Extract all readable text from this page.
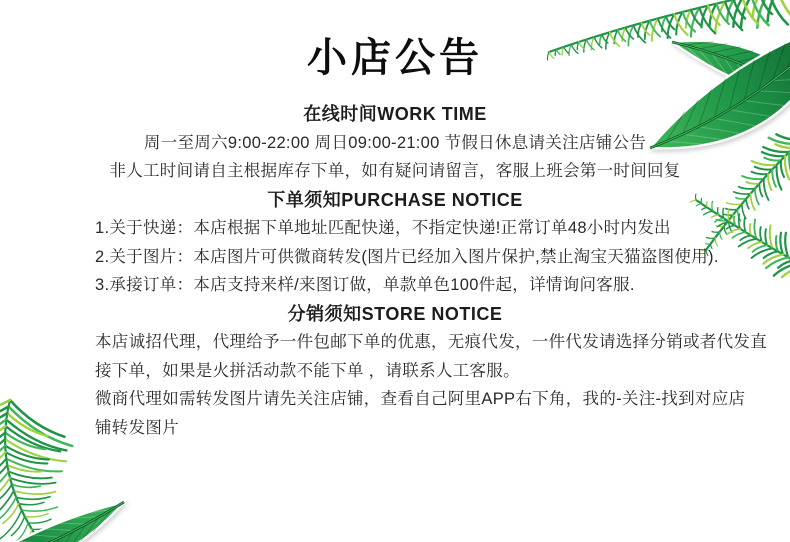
小店公告
在线时间WORK TIME

周一至周六9:00-22:00 周日09:00-21:00 节假日休息请关注店铺公告

非人工时间请自主根据库存下单，如有疑问请留言，客服上班会第一时间回复

下单须知PURCHASE NOTICE

1.关于快递：本店根据下单地址匹配快递，不指定快递!正常订单48小时内发出

2.关于图片：本店图片可供微商转发(图片已经加入图片保护,禁止淘宝天猫盗图使用).

3.承接订单：本店支持来样/来图订做，单款单色100件起，详情询问客服.

分销须知STORE NOTICE

本店诚招代理，代理给予一件包邮下单的优惠，无痕代发，一件代发请选择分销或者代发直

接下单，如果是火拼活动款不能下单 ，请联系人工客服。

微商代理如需转发图片请先关注店铺，查看自己阿里APP右下角，我的-关注-找到对应店

铺转发图片
